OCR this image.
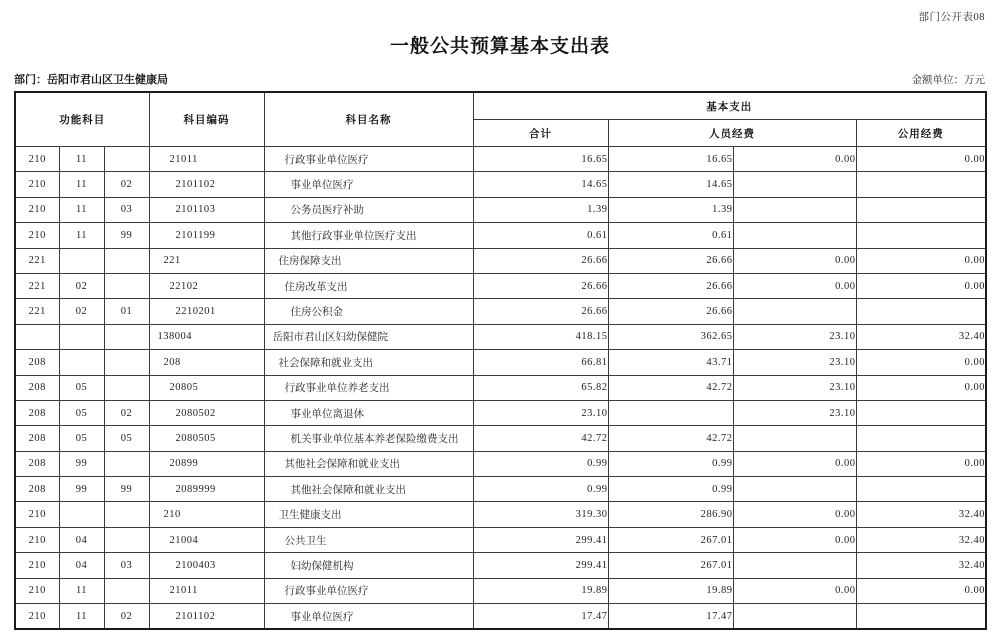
部门公开表08
一般公共预算基本支出表
部门：岳阳市君山区卫生健康局	金额单位：万元
功能科目			科目编码	科目名称	基本支出			
					合计	人员经费		公用经费
210	11		21011	行政事业单位医疗	16.65	16.65	0.00	0.00
210	11	02	2101102	事业单位医疗	14.65	14.65		
210	11	03	2101103	公务员医疗补助	1.39	1.39		
210	11	99	2101199	其他行政事业单位医疗支出	0.61	0.61		
221			221	住房保障支出	26.66	26.66	0.00	0.00
221	02		22102	住房改革支出	26.66	26.66	0.00	0.00
221	02	01	2210201	住房公积金	26.66	26.66		
			138004	岳阳市君山区妇幼保健院	418.15	362.65	23.10	32.40
208			208	社会保障和就业支出	66.81	43.71	23.10	0.00
208	05		20805	行政事业单位养老支出	65.82	42.72	23.10	0.00
208	05	02	2080502	事业单位离退休	23.10		23.10	
208	05	05	2080505	机关事业单位基本养老保险缴费支出	42.72	42.72		
208	99		20899	其他社会保障和就业支出	0.99	0.99	0.00	0.00
208	99	99	2089999	其他社会保障和就业支出	0.99	0.99		
210			210	卫生健康支出	319.30	286.90	0.00	32.40
210	04		21004	公共卫生	299.41	267.01	0.00	32.40
210	04	03	2100403	妇幼保健机构	299.41	267.01		32.40
210	11		21011	行政事业单位医疗	19.89	19.89	0.00	0.00
210	11	02	2101102	事业单位医疗	17.47	17.47		
